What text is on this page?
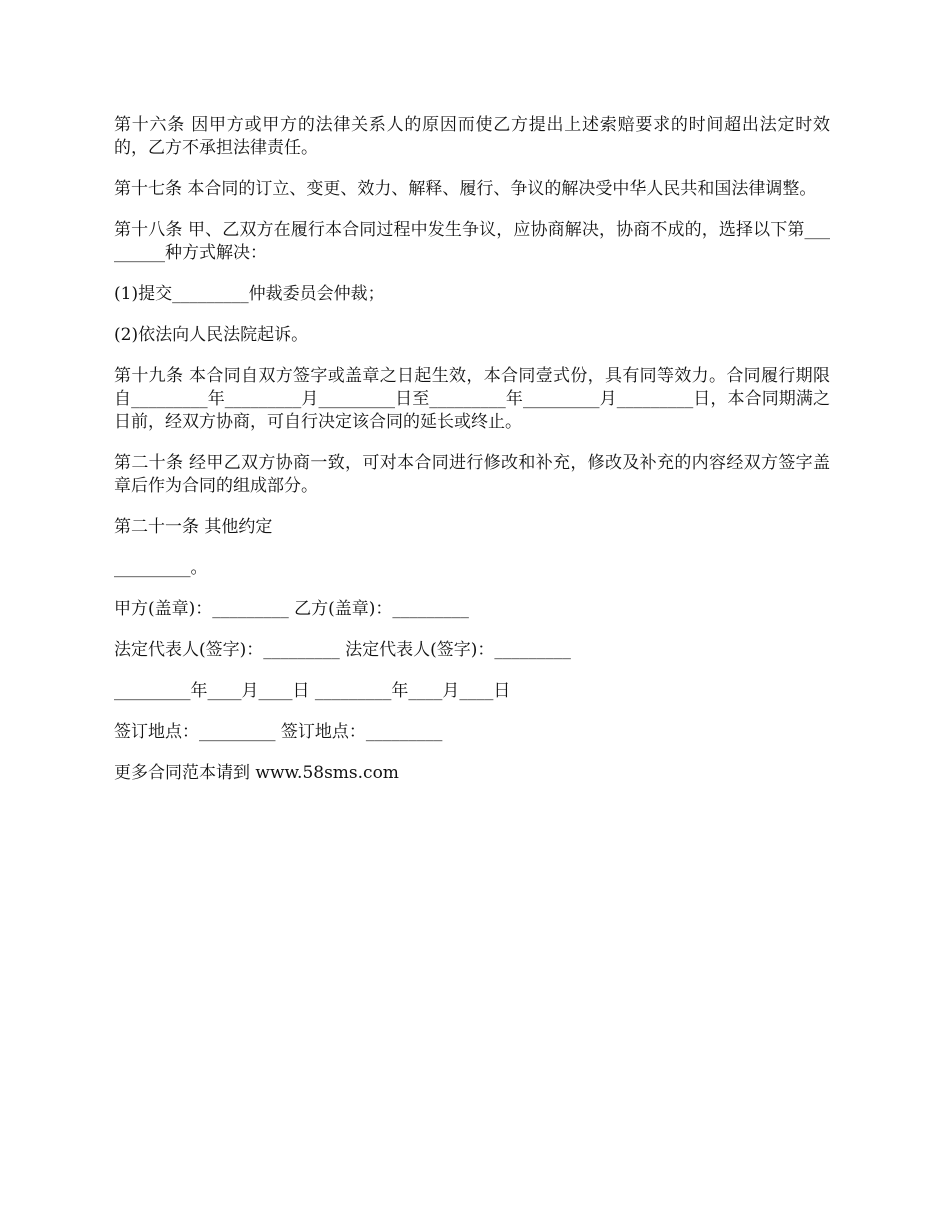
第十六条 因甲方或甲方的法律关系人的原因而使乙方提出上述索赔要求的时间超出法定时效的，乙方不承担法律责任。

第十七条 本合同的订立、变更、效力、解释、履行、争议的解决受中华人民共和国法律调整。

第十八条 甲、乙双方在履行本合同过程中发生争议，应协商解决，协商不成的，选择以下第_________种方式解决：

(1)提交_________仲裁委员会仲裁；

(2)依法向人民法院起诉。

第十九条 本合同自双方签字或盖章之日起生效，本合同壹式份，具有同等效力。合同履行期限自_________年_________月_________日至_________年_________月_________日，本合同期满之日前，经双方协商，可自行决定该合同的延长或终止。

第二十条 经甲乙双方协商一致，可对本合同进行修改和补充，修改及补充的内容经双方签字盖章后作为合同的组成部分。

第二十一条 其他约定

_________。

甲方(盖章)：_________ 乙方(盖章)：_________

法定代表人(签字)：_________ 法定代表人(签字)：_________

_________年____月____日 _________年____月____日

签订地点：_________ 签订地点：_________

更多合同范本请到 www.58sms.com
